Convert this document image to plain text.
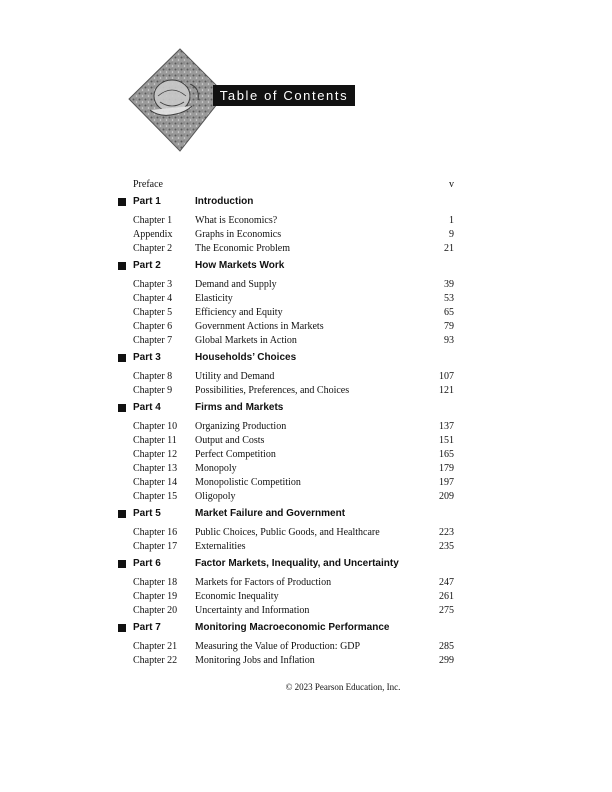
Table of Contents
Preface	v
Part 1	Introduction
Chapter 1 What is Economics?	1
Appendix Graphs in Economics	9
Chapter 2 The Economic Problem	21
Part 2	How Markets Work
Chapter 3 Demand and Supply	39
Chapter 4 Elasticity	53
Chapter 5 Efficiency and Equity	65
Chapter 6 Government Actions in Markets	79
Chapter 7 Global Markets in Action	93
Part 3	Households’ Choices
Chapter 8 Utility and Demand	107
Chapter 9 Possibilities, Preferences, and Choices	121
Part 4	Firms and Markets
Chapter 10 Organizing Production	137
Chapter 11 Output and Costs	151
Chapter 12 Perfect Competition	165
Chapter 13 Monopoly	179
Chapter 14 Monopolistic Competition	197
Chapter 15 Oligopoly	209
Part 5	Market Failure and Government
Chapter 16 Public Choices, Public Goods, and Healthcare	223
Chapter 17 Externalities	235
Part 6	Factor Markets, Inequality, and Uncertainty
Chapter 18 Markets for Factors of Production	247
Chapter 19 Economic Inequality	261
Chapter 20 Uncertainty and Information	275
Part 7	Monitoring Macroeconomic Performance
Chapter 21 Measuring the Value of Production: GDP	285
Chapter 22 Monitoring Jobs and Inflation	299
© 2023 Pearson Education, Inc.
